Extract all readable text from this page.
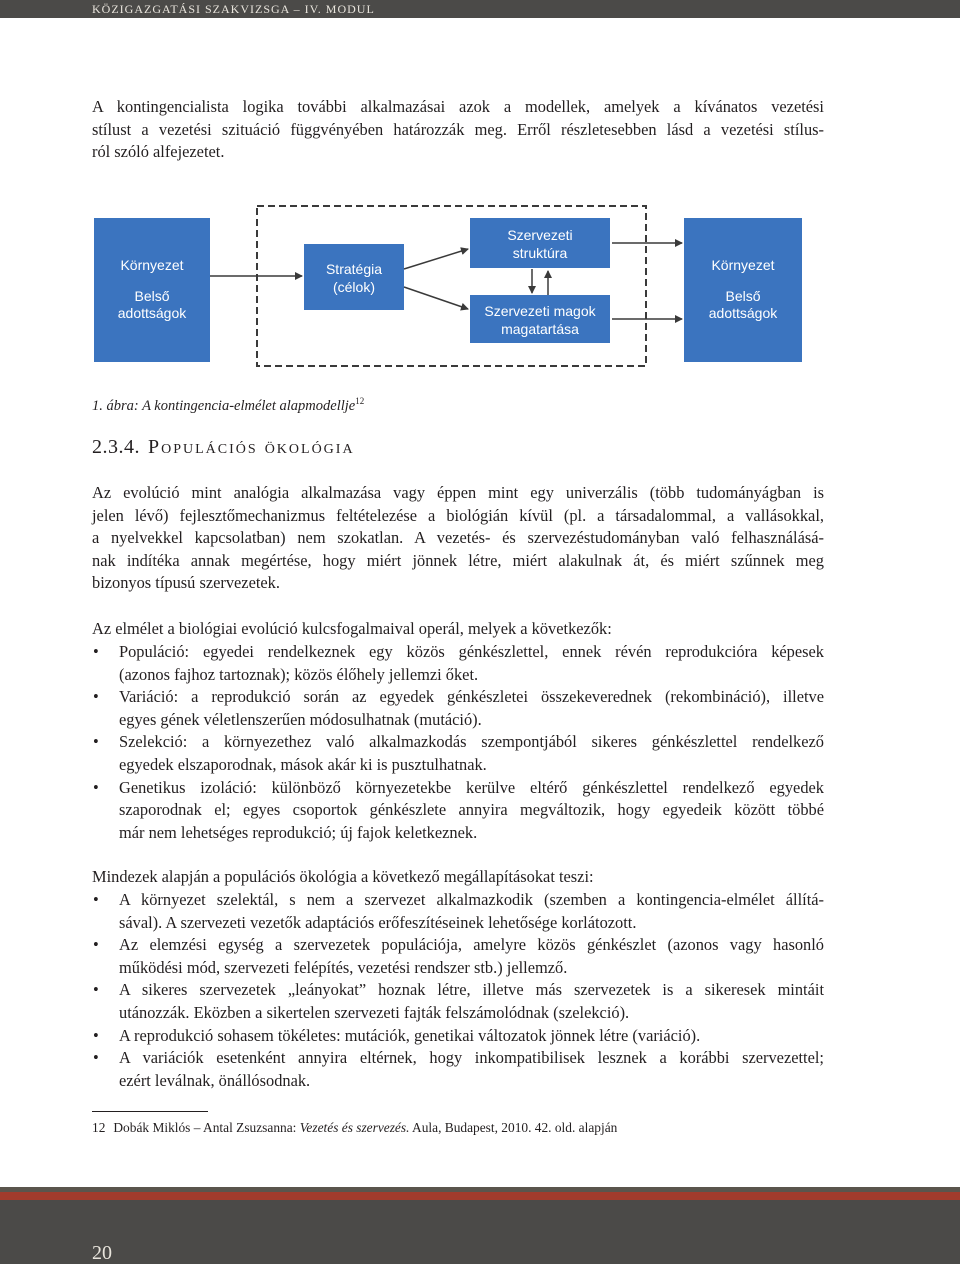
KÖZIGAZGATÁSI SZAKVIZSGA – IV. MODUL
A kontingencialista logika további alkalmazásai azok a modellek, amelyek a kívánatos vezetési
stílust a vezetési szituáció függvényében határozzák meg. Erről részletesebben lásd a vezetési stílus-
ról szóló alfejezetet.
Környezet
Belső
adottságok
Stratégia
(célok)
Szervezeti
struktúra
Szervezeti magok
magatartása
Környezet
Belső
adottságok
1. ábra: A kontingencia-elmélet alapmodellje$^{12}$
2.3.4. Populációs ökológia
Az evolúció mint analógia alkalmazása vagy éppen mint egy univerzális (több tudományágban is
jelen lévő) fejlesztőmechanizmus feltételezése a biológián kívül (pl. a társadalommal, a vallásokkal,
a nyelvekkel kapcsolatban) nem szokatlan. A vezetés- és szervezéstudományban való felhasználásá-
nak indítéka annak megértése, hogy miért jönnek létre, miért alakulnak át, és miért szűnnek meg
bizonyos típusú szervezetek.
Az elmélet a biológiai evolúció kulcsfogalmaival operál, melyek a következők:
• Populáció: egyedei rendelkeznek egy közös génkészlettel, ennek révén reprodukcióra képesek
(azonos fajhoz tartoznak); közös élőhely jellemzi őket.
• Variáció: a reprodukció során az egyedek génkészletei összekeverednek (rekombináció), illetve
egyes gének véletlenszerűen módosulhatnak (mutáció).
• Szelekció: a környezethez való alkalmazkodás szempontjából sikeres génkészlettel rendelkező
egyedek elszaporodnak, mások akár ki is pusztulhatnak.
• Genetikus izoláció: különböző környezetekbe kerülve eltérő génkészlettel rendelkező egyedek
szaporodnak el; egyes csoportok génkészlete annyira megváltozik, hogy egyedeik között többé
már nem lehetséges reprodukció; új fajok keletkeznek.
Mindezek alapján a populációs ökológia a következő megállapításokat teszi:
• A környezet szelektál, s nem a szervezet alkalmazkodik (szemben a kontingencia-elmélet állítá-
sával). A szervezeti vezetők adaptációs erőfeszítéseinek lehetősége korlátozott.
• Az elemzési egység a szervezetek populációja, amelyre közös génkészlet (azonos vagy hasonló
működési mód, szervezeti felépítés, vezetési rendszer stb.) jellemző.
• A sikeres szervezetek „leányokat” hoznak létre, illetve más szervezetek is a sikeresek mintáit
utánozzák. Eközben a sikertelen szervezeti fajták felszámolódnak (szelekció).
• A reprodukció sohasem tökéletes: mutációk, genetikai változatok jönnek létre (variáció).
• A variációk esetenként annyira eltérnek, hogy inkompatibilisek lesznek a korábbi szervezettel;
ezért leválnak, önállósodnak.
12 Dobák Miklós – Antal Zsuzsanna: Vezetés és szervezés. Aula, Budapest, 2010. 42. old. alapján
20
